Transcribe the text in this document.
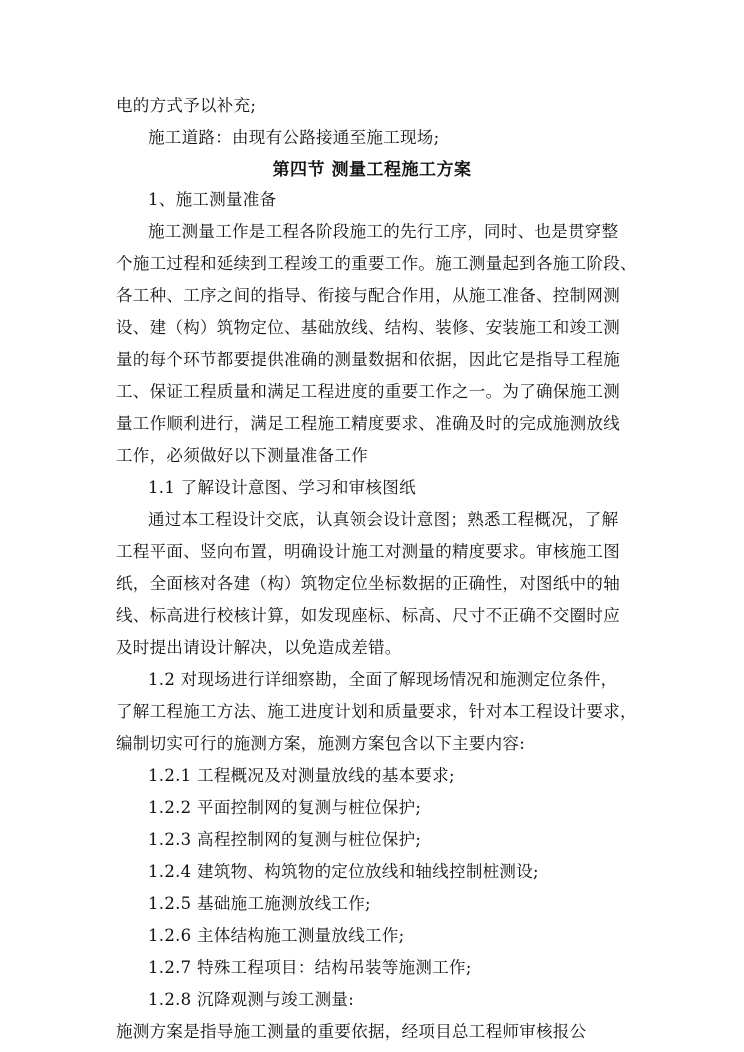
电的方式予以补充;
施工道路：由现有公路接通至施工现场;
第四节 测量工程施工方案
1、施工测量准备
施工测量工作是工程各阶段施工的先行工序，同时、也是贯穿整
个施工过程和延续到工程竣工的重要工作。施工测量起到各施工阶段、
各工种、工序之间的指导、衔接与配合作用，从施工准备、控制网测
设、建（构）筑物定位、基础放线、结构、装修、安装施工和竣工测
量的每个环节都要提供准确的测量数据和依据，因此它是指导工程施
工、保证工程质量和满足工程进度的重要工作之一。为了确保施工测
量工作顺利进行，满足工程施工精度要求、准确及时的完成施测放线
工作，必须做好以下测量准备工作
1.1 了解设计意图、学习和审核图纸
通过本工程设计交底，认真领会设计意图；熟悉工程概况，了解
工程平面、竖向布置，明确设计施工对测量的精度要求。审核施工图
纸，全面核对各建（构）筑物定位坐标数据的正确性，对图纸中的轴
线、标高进行校核计算，如发现座标、标高、尺寸不正确不交圈时应
及时提出请设计解决，以免造成差错。
1.2 对现场进行详细察勘，全面了解现场情况和施测定位条件，
了解工程施工方法、施工进度计划和质量要求，针对本工程设计要求，
编制切实可行的施测方案，施测方案包含以下主要内容:
1.2.1 工程概况及对测量放线的基本要求;
1.2.2 平面控制网的复测与桩位保护;
1.2.3 高程控制网的复测与桩位保护;
1.2.4 建筑物、构筑物的定位放线和轴线控制桩测设;
1.2.5 基础施工施测放线工作;
1.2.6 主体结构施工测量放线工作;
1.2.7 特殊工程项目：结构吊装等施测工作;
1.2.8 沉降观测与竣工测量:
施测方案是指导施工测量的重要依据，经项目总工程师审核报公
